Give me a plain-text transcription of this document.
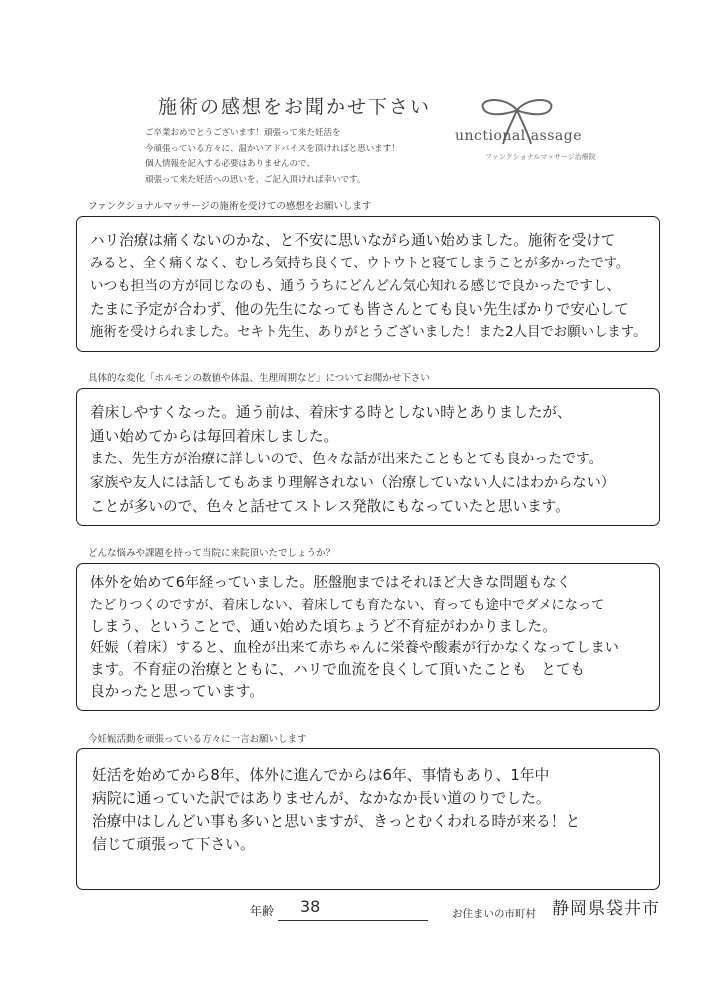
施術の感想をお聞かせ下さい
ご卒業おめでとうございます！頑張って来た妊活を
今頑張っている方々に、温かいアドバイスを頂ければと思います！
個人情報を記入する必要はありませんので、
頑張って来た妊活への思いを、ご記入頂ければ幸いです。
unctional assage
ファンクショナルマッサージ治療院
ファンクショナルマッサージの施術を受けての感想をお願いします
ハリ治療は痛くないのかな、と不安に思いながら通い始めました。施術を受けて
みると、全く痛くなく、むしろ気持ち良くて、ウトウトと寝てしまうことが多かったです。
いつも担当の方が同じなのも、通ううちにどんどん気心知れる感じで良かったですし、
たまに予定が合わず、他の先生になっても皆さんとても良い先生ばかりで安心して
施術を受けられました。セキト先生、ありがとうございました！また2人目でお願いします。
具体的な変化「ホルモンの数値や体温、生理周期など」についてお聞かせ下さい
着床しやすくなった。通う前は、着床する時としない時とありましたが、
通い始めてからは毎回着床しました。
また、先生方が治療に詳しいので、色々な話が出来たこともとても良かったです。
家族や友人には話してもあまり理解されない（治療していない人にはわからない）
ことが多いので、色々と話せてストレス発散にもなっていたと思います。
どんな悩みや課題を持って当院に来院頂いたでしょうか？
体外を始めて6年経っていました。胚盤胞まではそれほど大きな問題もなく
たどりつくのですが、着床しない、着床しても育たない、育っても途中でダメになって
しまう、ということで、通い始めた頃ちょうど不育症がわかりました。
妊娠（着床）すると、血栓が出来て赤ちゃんに栄養や酸素が行かなくなってしまい
ます。不育症の治療とともに、ハリで血流を良くして頂いたことも　とても
良かったと思っています。
今妊娠活動を頑張っている方々に一言お願いします
妊活を始めてから8年、体外に進んでからは6年、事情もあり、1年中
病院に通っていた訳ではありませんが、なかなか長い道のりでした。
治療中はしんどい事も多いと思いますが、きっとむくわれる時が来る！と
信じて頑張って下さい。
年齢 38	お住まいの市町村 静岡県袋井市
